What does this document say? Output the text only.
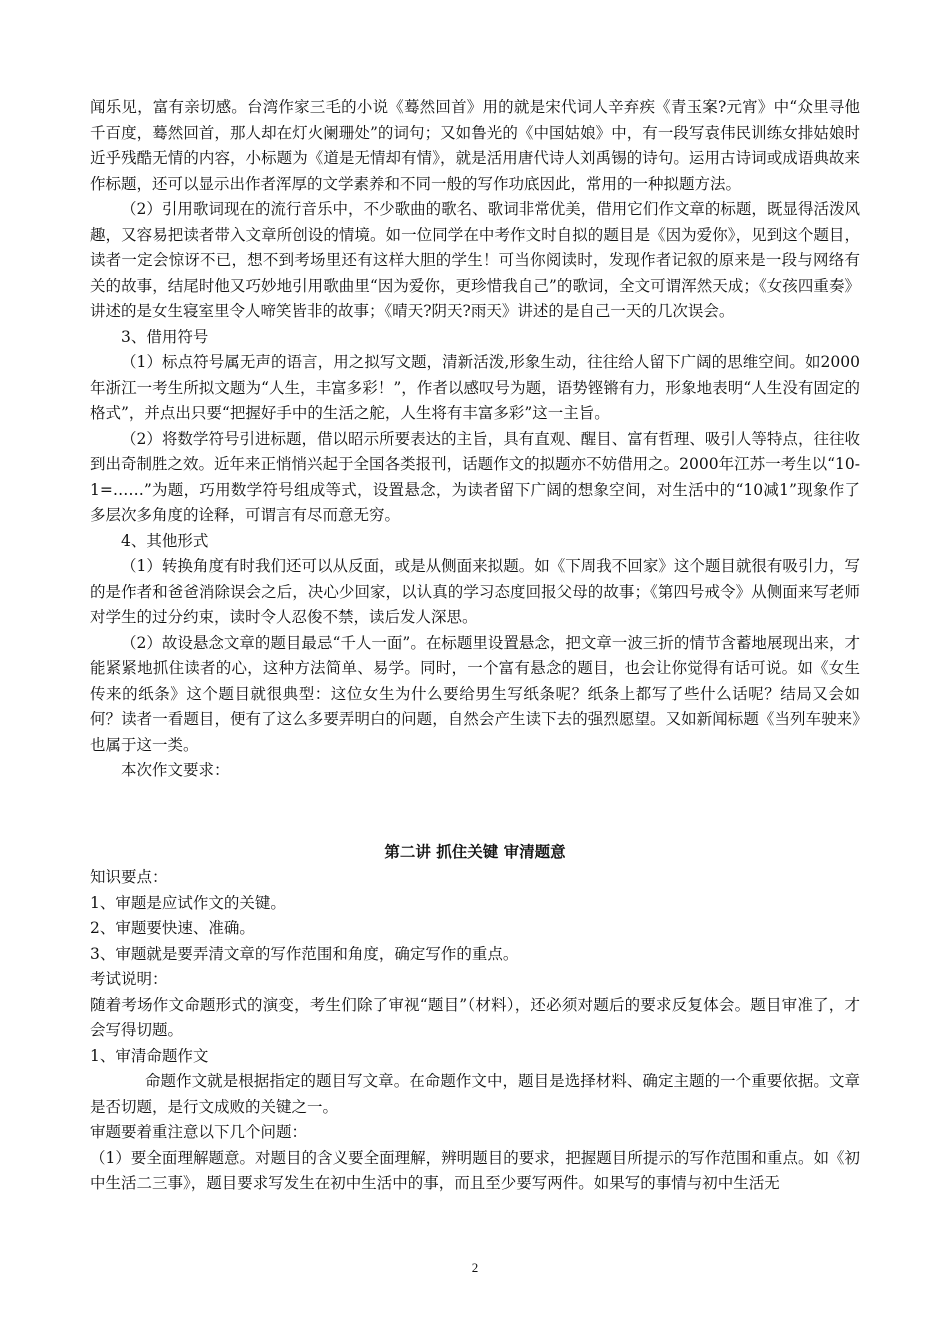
闻乐见，富有亲切感。台湾作家三毛的小说《蓦然回首》用的就是宋代词人辛弃疾《青玉案?元宵》中“众里寻他千百度，蓦然回首，那人却在灯火阑珊处”的词句；又如鲁光的《中国姑娘》中，有一段写袁伟民训练女排姑娘时近乎残酷无情的内容，小标题为《道是无情却有情》，就是活用唐代诗人刘禹锡的诗句。运用古诗词或成语典故来作标题，还可以显示出作者浑厚的文学素养和不同一般的写作功底因此，常用的一种拟题方法。

（2）引用歌词现在的流行音乐中，不少歌曲的歌名、歌词非常优美，借用它们作文章的标题，既显得活泼风趣，又容易把读者带入文章所创设的情境。如一位同学在中考作文时自拟的题目是《因为爱你》，见到这个题目，读者一定会惊讶不已，想不到考场里还有这样大胆的学生！可当你阅读时，发现作者记叙的原来是一段与网络有关的故事，结尾时他又巧妙地引用歌曲里“因为爱你，更珍惜我自己”的歌词，全文可谓浑然天成；《女孩四重奏》讲述的是女生寝室里令人啼笑皆非的故事；《晴天?阴天?雨天》讲述的是自己一天的几次误会。

3、借用符号

（1）标点符号属无声的语言，用之拟写文题，清新活泼,形象生动，往往给人留下广阔的思维空间。如2000年浙江一考生所拟文题为“人生，丰富多彩！”，作者以感叹号为题，语势铿锵有力，形象地表明“人生没有固定的格式”，并点出只要“把握好手中的生活之舵，人生将有丰富多彩”这一主旨。

（2）将数学符号引进标题，借以昭示所要表达的主旨，具有直观、醒目、富有哲理、吸引人等特点，往往收到出奇制胜之效。近年来正悄悄兴起于全国各类报刊，话题作文的拟题亦不妨借用之。2000年江苏一考生以“10-1=……”为题，巧用数学符号组成等式，设置悬念，为读者留下广阔的想象空间，对生活中的“10减1”现象作了多层次多角度的诠释，可谓言有尽而意无穷。

4、其他形式

（1）转换角度有时我们还可以从反面，或是从侧面来拟题。如《下周我不回家》这个题目就很有吸引力，写的是作者和爸爸消除误会之后，决心少回家，以认真的学习态度回报父母的故事；《第四号戒令》从侧面来写老师对学生的过分约束，读时令人忍俊不禁，读后发人深思。

（2）故设悬念文章的题目最忌“千人一面”。在标题里设置悬念，把文章一波三折的情节含蓄地展现出来，才能紧紧地抓住读者的心，这种方法简单、易学。同时，一个富有悬念的题目，也会让你觉得有话可说。如《女生传来的纸条》这个题目就很典型：这位女生为什么要给男生写纸条呢？纸条上都写了些什么话呢？结局又会如何？读者一看题目，便有了这么多要弄明白的问题，自然会产生读下去的强烈愿望。又如新闻标题《当列车驶来》也属于这一类。

本次作文要求：

第二讲 抓住关键 审清题意

知识要点：

1、审题是应试作文的关键。

2、审题要快速、准确。

3、审题就是要弄清文章的写作范围和角度，确定写作的重点。

考试说明：

随着考场作文命题形式的演变，考生们除了审视“题目”（材料），还必须对题后的要求反复体会。题目审准了，才会写得切题。

1、审清命题作文

命题作文就是根据指定的题目写文章。在命题作文中，题目是选择材料、确定主题的一个重要依据。文章是否切题，是行文成败的关键之一。

审题要着重注意以下几个问题：

（1）要全面理解题意。对题目的含义要全面理解，辨明题目的要求，把握题目所提示的写作范围和重点。如《初中生活二三事》，题目要求写发生在初中生活中的事，而且至少要写两件。如果写的事情与初中生活无

2
